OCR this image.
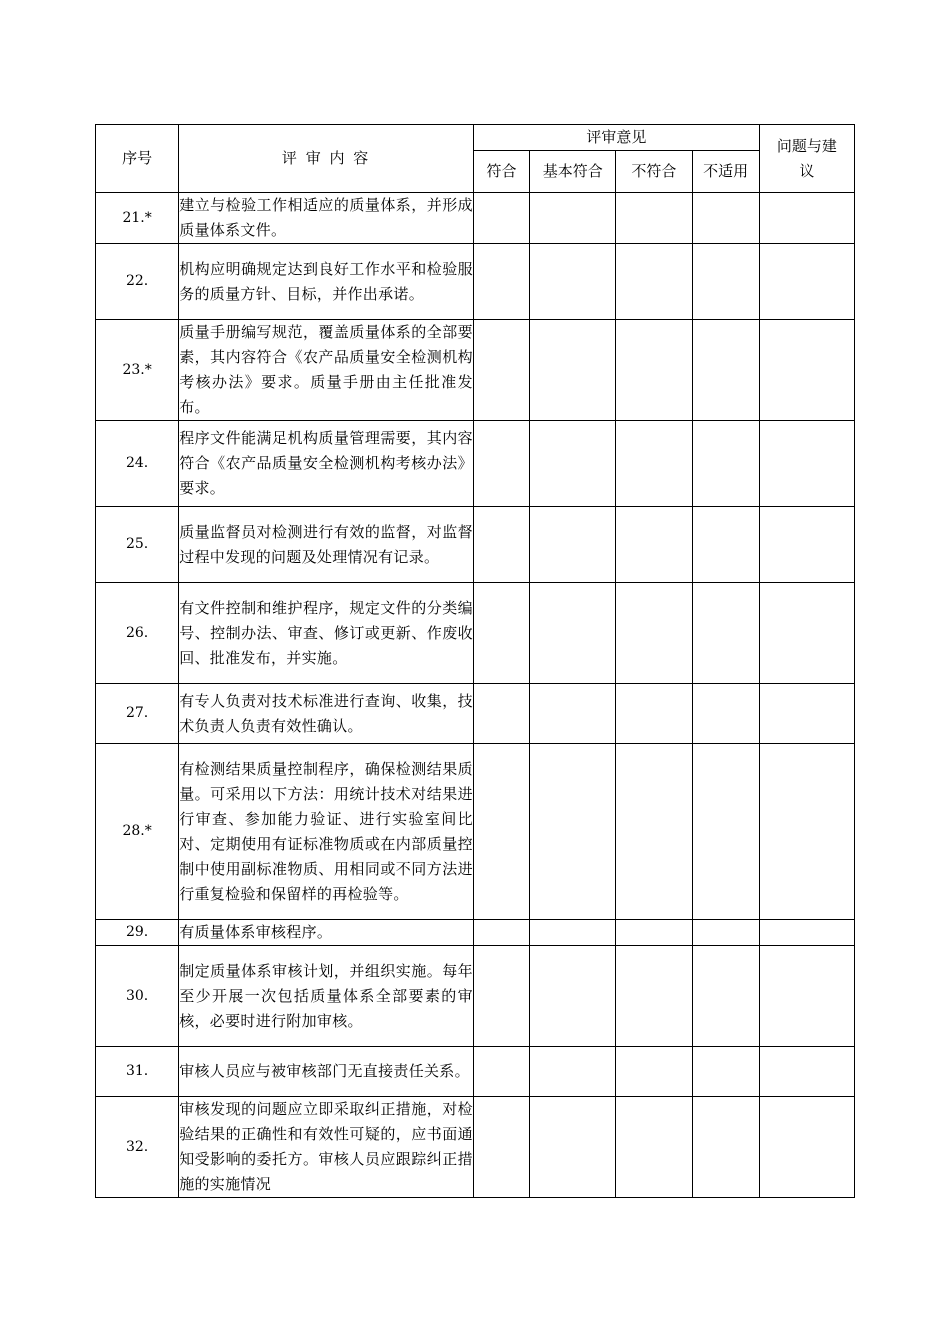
序号	评 审 内 容	评审意见				问题与建议
		符合	基本符合	不符合	不适用	
21.*	建立与检验工作相适应的质量体系，并形成质量体系文件。					
22.	机构应明确规定达到良好工作水平和检验服务的质量方针、目标，并作出承诺。					
23.*	质量手册编写规范，覆盖质量体系的全部要素，其内容符合《农产品质量安全检测机构考核办法》要求。质量手册由主任批准发布。					
24.	程序文件能满足机构质量管理需要，其内容符合《农产品质量安全检测机构考核办法》要求。					
25.	质量监督员对检测进行有效的监督，对监督过程中发现的问题及处理情况有记录。					
26.	有文件控制和维护程序，规定文件的分类编号、控制办法、审查、修订或更新、作废收回、批准发布，并实施。					
27.	有专人负责对技术标准进行查询、收集，技术负责人负责有效性确认。					
28.*	有检测结果质量控制程序，确保检测结果质量。可采用以下方法：用统计技术对结果进行审查、参加能力验证、进行实验室间比对、定期使用有证标准物质或在内部质量控制中使用副标准物质、用相同或不同方法进行重复检验和保留样的再检验等。					
29.	有质量体系审核程序。					
30.	制定质量体系审核计划，并组织实施。每年至少开展一次包括质量体系全部要素的审核，必要时进行附加审核。					
31.	审核人员应与被审核部门无直接责任关系。					
32.	审核发现的问题应立即采取纠正措施，对检验结果的正确性和有效性可疑的，应书面通知受影响的委托方。审核人员应跟踪纠正措施的实施情况					
